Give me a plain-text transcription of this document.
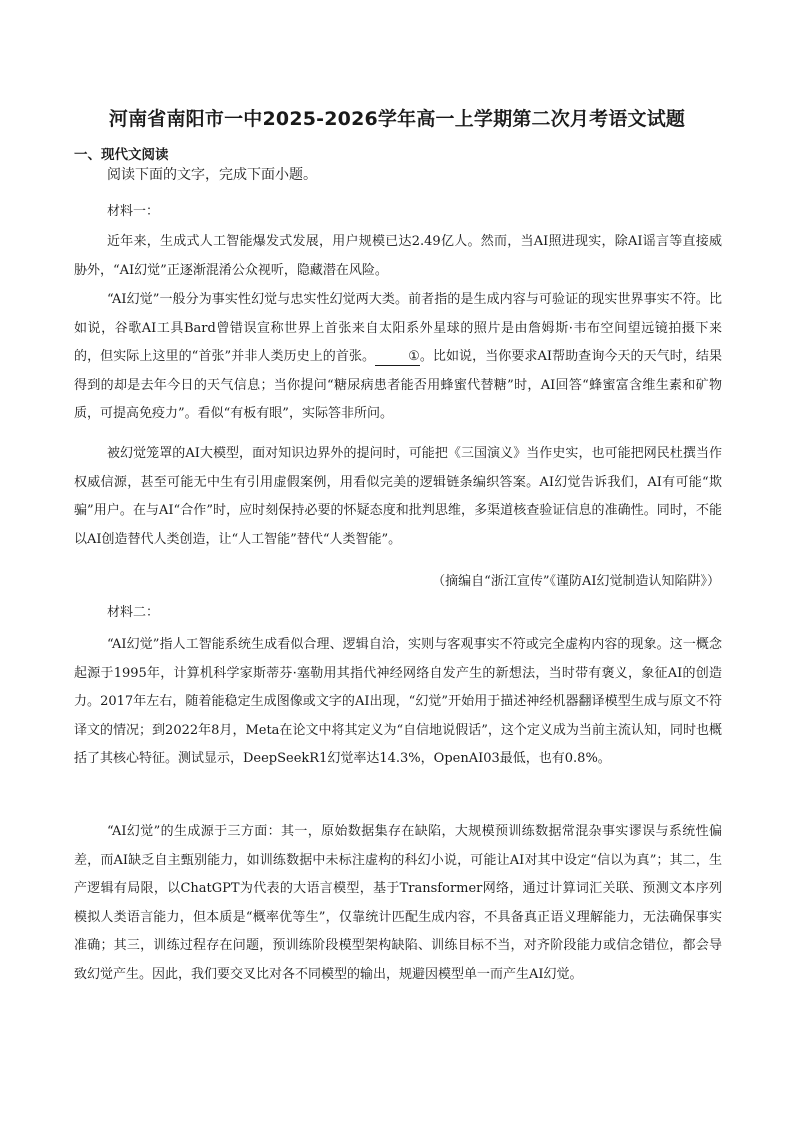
河南省南阳市一中2025-2026学年高一上学期第二次月考语文试题

一、现代文阅读

阅读下面的文字，完成下面小题。

材料一：

近年来，生成式人工智能爆发式发展，用户规模已达2.49亿人。然而，当AI照进现实，除AI谣言等直接威胁外，“AI幻觉”正逐渐混淆公众视听，隐藏潜在风险。

“AI幻觉”一般分为事实性幻觉与忠实性幻觉两大类。前者指的是生成内容与可验证的现实世界事实不符。比如说，谷歌AI工具Bard曾错误宣称世界上首张来自太阳系外星球的照片是由詹姆斯·韦布空间望远镜拍摄下来的，但实际上这里的“首张”并非人类历史上的首张。	①。比如说，当你要求AI帮助查询今天的天气时，结果得到的却是去年今日的天气信息；当你提问“糖尿病患者能否用蜂蜜代替糖”时，AI回答“蜂蜜富含维生素和矿物质，可提高免疫力”。看似“有板有眼”，实际答非所问。

被幻觉笼罩的AI大模型，面对知识边界外的提问时，可能把《三国演义》当作史实，也可能把网民杜撰当作权威信源，甚至可能无中生有引用虚假案例，用看似完美的逻辑链条编织答案。AI幻觉告诉我们，AI有可能“欺骗”用户。在与AI“合作”时，应时刻保持必要的怀疑态度和批判思维，多渠道核查验证信息的准确性。同时，不能以AI创造替代人类创造，让“人工智能”替代“人类智能”。

（摘编自“浙江宣传”《谨防AI幻觉制造认知陷阱》）

材料二：

“AI幻觉”指人工智能系统生成看似合理、逻辑自洽，实则与客观事实不符或完全虚构内容的现象。这一概念起源于1995年，计算机科学家斯蒂芬·塞勒用其指代神经网络自发产生的新想法，当时带有褒义，象征AI的创造力。2017年左右，随着能稳定生成图像或文字的AI出现，“幻觉”开始用于描述神经机器翻译模型生成与原文不符译文的情况；到2022年8月，Meta在论文中将其定义为“自信地说假话”，这个定义成为当前主流认知，同时也概括了其核心特征。测试显示，DeepSeekR1幻觉率达14.3%，OpenAI03最低，也有0.8%。

“AI幻觉”的生成源于三方面：其一，原始数据集存在缺陷，大规模预训练数据常混杂事实谬误与系统性偏差，而AI缺乏自主甄别能力，如训练数据中未标注虚构的科幻小说，可能让AI对其中设定“信以为真”；其二，生产逻辑有局限，以ChatGPT为代表的大语言模型，基于Transformer网络，通过计算词汇关联、预测文本序列模拟人类语言能力，但本质是“概率优等生”，仅靠统计匹配生成内容，不具备真正语义理解能力，无法确保事实准确；其三，训练过程存在问题，预训练阶段模型架构缺陷、训练目标不当，对齐阶段能力或信念错位，都会导致幻觉产生。因此，我们要交叉比对各不同模型的输出，规避因模型单一而产生AI幻觉。
